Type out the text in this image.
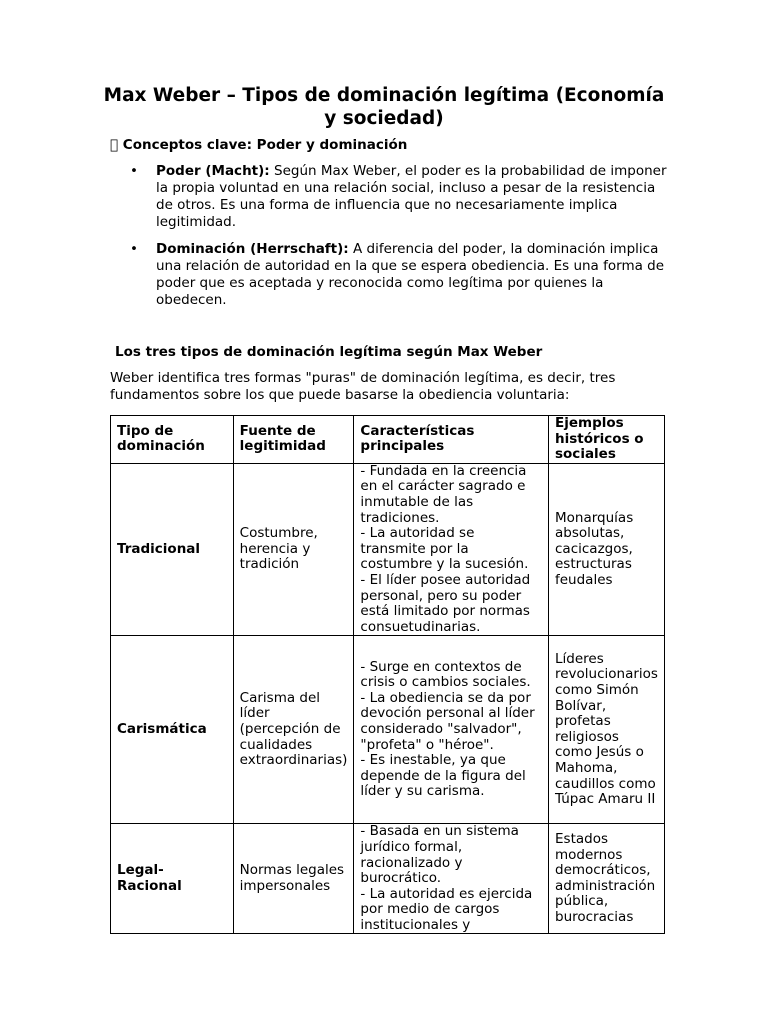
Max Weber – Tipos de dominación legítima (Economía y sociedad)

  Conceptos clave: Poder y dominación

• Poder (Macht): Según Max Weber, el poder es la probabilidad de imponer la propia voluntad en una relación social, incluso a pesar de la resistencia de otros. Es una forma de influencia que no necesariamente implica legitimidad.
• Dominación (Herrschaft): A diferencia del poder, la dominación implica una relación de autoridad en la que se espera obediencia. Es una forma de poder que es aceptada y reconocida como legítima por quienes la obedecen.

Los tres tipos de dominación legítima según Max Weber

Weber identifica tres formas "puras" de dominación legítima, es decir, tres fundamentos sobre los que puede basarse la obediencia voluntaria:

Tipo de dominación	Fuente de legitimidad	Características principales	Ejemplos históricos o sociales
Tradicional	Costumbre, herencia y tradición	- Fundada en la creencia en el carácter sagrado e inmutable de las tradiciones.
- La autoridad se transmite por la costumbre y la sucesión.
- El líder posee autoridad personal, pero su poder está limitado por normas consuetudinarias.	Monarquías absolutas, cacicazgos, estructuras feudales
Carismática	Carisma del líder (percepción de cualidades extraordinarias)	- Surge en contextos de crisis o cambios sociales.
- La obediencia se da por devoción personal al líder considerado "salvador", "profeta" o "héroe".
- Es inestable, ya que depende de la figura del líder y su carisma.	Líderes revolucionarios como Simón Bolívar, profetas religiosos como Jesús o Mahoma, caudillos como Túpac Amaru II
Legal-Racional	Normas legales impersonales	- Basada en un sistema jurídico formal, racionalizado y burocrático.
- La autoridad es ejercida por medio de cargos institucionales y	Estados modernos democráticos, administración pública, burocracias
